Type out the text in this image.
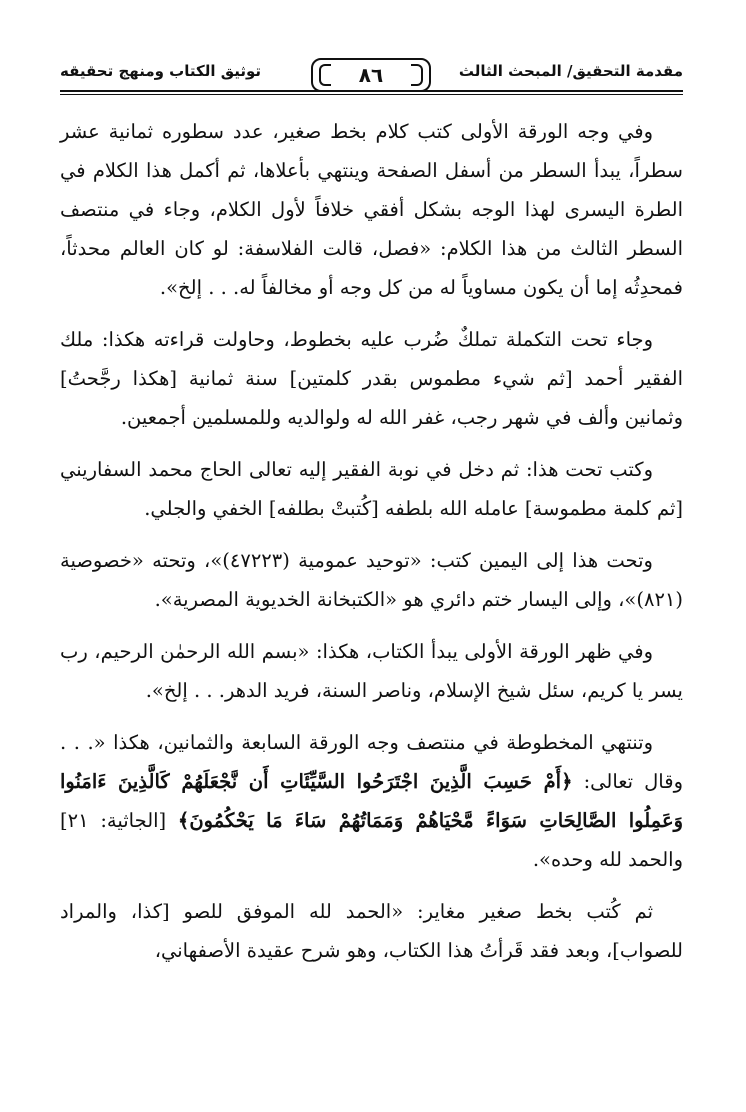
مقدمة التحقيق/ المبحث الثالث
٨٦
توثيق الكتاب ومنهج تحقيقه

وفي وجه الورقة الأولى كتب كلام بخط صغير، عدد سطوره ثمانية عشر سطراً، يبدأ السطر من أسفل الصفحة وينتهي بأعلاها، ثم أكمل هذا الكلام في الطرة اليسرى لهذا الوجه بشكل أفقي خلافاً لأول الكلام، وجاء في منتصف السطر الثالث من هذا الكلام: «فصل، قالت الفلاسفة: لو كان العالم محدثاً، فمحدِثُه إما أن يكون مساوياً له من كل وجه أو مخالفاً له. . . إلخ».

وجاء تحت التكملة تملكٌ ضُرب عليه بخطوط، وحاولت قراءته هكذا: ملك الفقير أحمد [ثم شيء مطموس بقدر كلمتين] سنة ثمانية [هكذا رجَّحتُ] وثمانين وألف في شهر رجب، غفر الله له ولوالديه وللمسلمين أجمعين.

وكتب تحت هذا: ثم دخل في نوبة الفقير إليه تعالى الحاج محمد السفاريني [ثم كلمة مطموسة] عامله الله بلطفه [كُتبتْ بطلفه] الخفي والجلي.

وتحت هذا إلى اليمين كتب: «توحيد عمومية (٤٧٢٢٣)»، وتحته «خصوصية (٨٢١)»، وإلى اليسار ختم دائري هو «الكتبخانة الخديوية المصرية».

وفي ظهر الورقة الأولى يبدأ الكتاب، هكذا: «بسم الله الرحمٰن الرحيم، رب يسر يا كريم، سئل شيخ الإسلام، وناصر السنة، فريد الدهر. . . إلخ».

وتنتهي المخطوطة في منتصف وجه الورقة السابعة والثمانين، هكذا «. . . وقال تعالى: ﴿أَمْ حَسِبَ الَّذِينَ اجْتَرَحُوا السَّيِّئَاتِ أَن نَّجْعَلَهُمْ كَالَّذِينَ ءَامَنُوا وَعَمِلُوا الصَّالِحَاتِ سَوَاءً مَّحْيَاهُمْ وَمَمَاتُهُمْ سَاءَ مَا يَحْكُمُونَ﴾ [الجاثية: ٢١] والحمد لله وحده».

ثم كُتب بخط صغير مغاير: «الحمد لله الموفق للصو [كذا، والمراد للصواب]، وبعد فقد قَرأتُ هذا الكتاب، وهو شرح عقيدة الأصفهاني،
